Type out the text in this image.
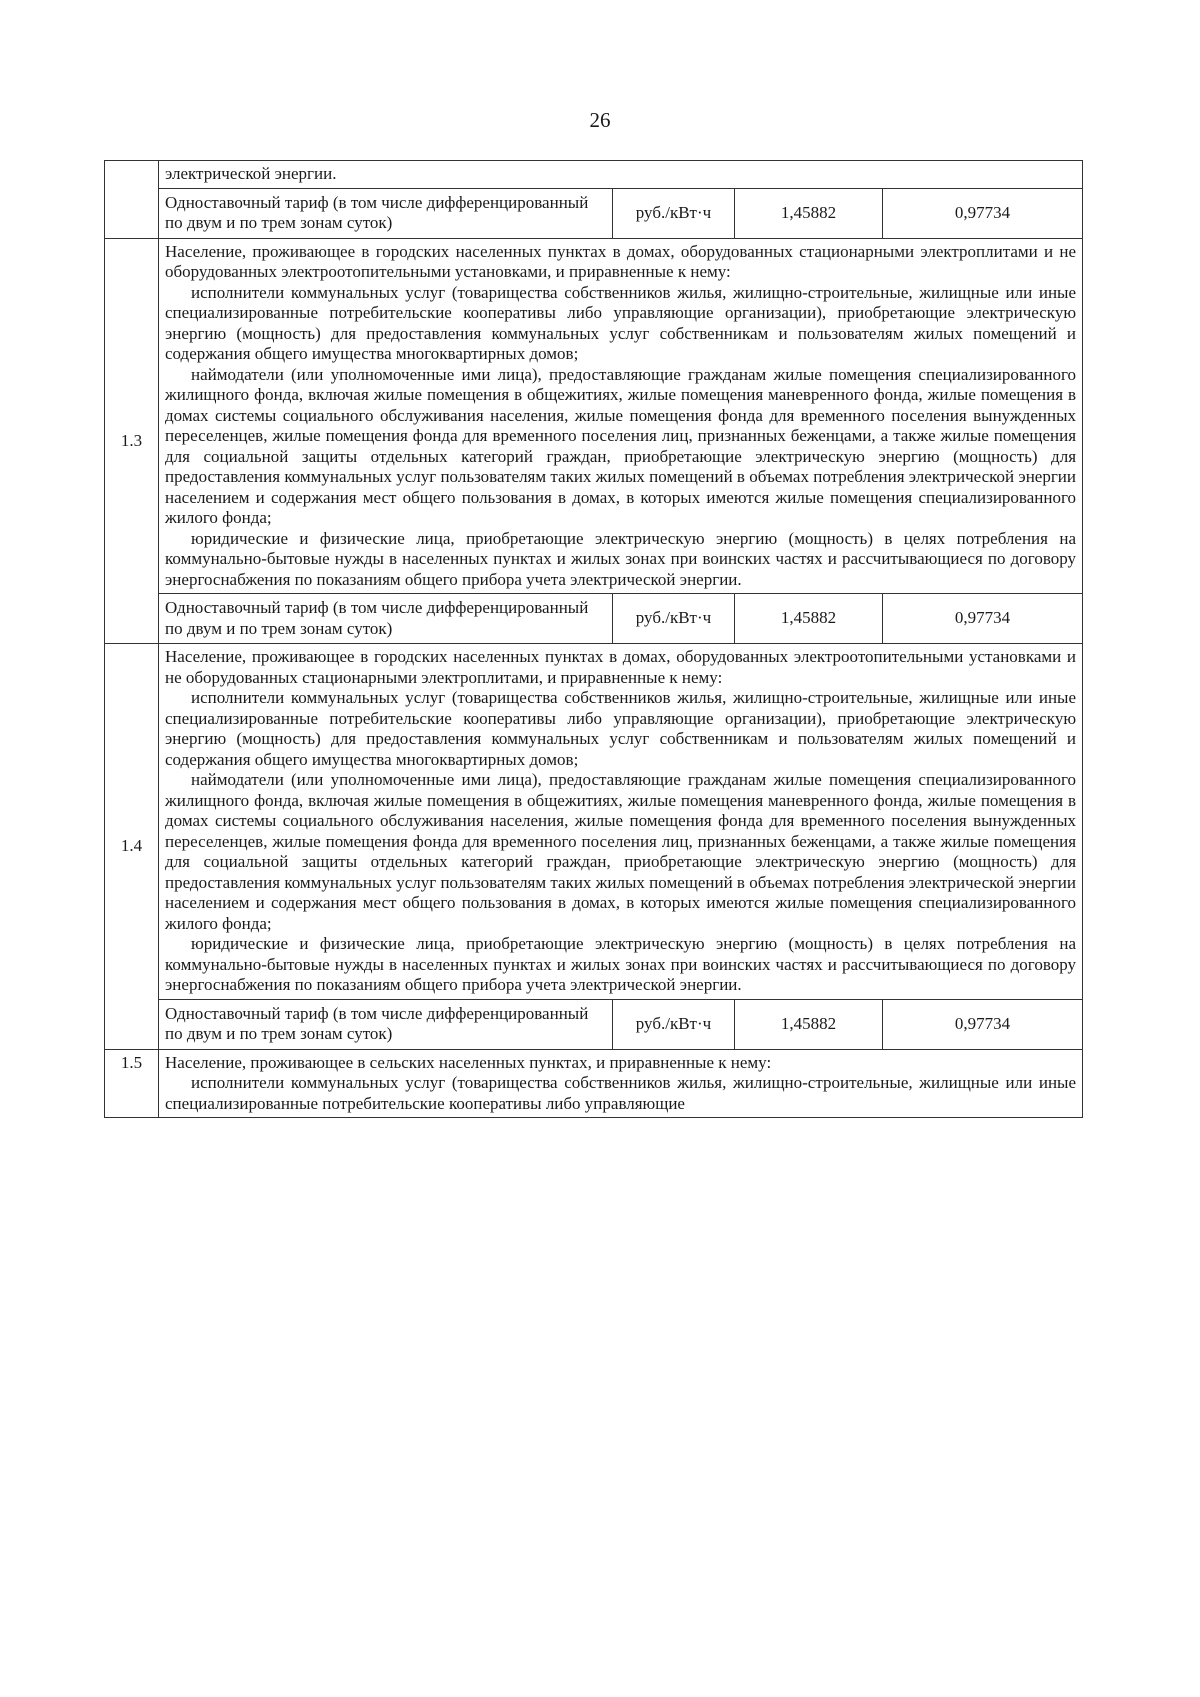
26

	электрической энергии.			

	Одноставочный тариф (в том числе дифференцированный по двум и по трем зонам суток)	руб./кВт·ч	1,45882	0,97734
1.3	Население, проживающее в городских населенных пунктах в домах, оборудованных стационарными электроплитами и не оборудованных электроотопительными установками, и приравненные к нему:

исполнители коммунальных услуг (товарищества собственников жилья, жилищно-строительные, жилищные или иные специализированные потребительские кооперативы либо управляющие организации), приобретающие электрическую энергию (мощность) для предоставления коммунальных услуг собственникам и пользователям жилых помещений и содержания общего имущества многоквартирных домов;

наймодатели (или уполномоченные ими лица), предоставляющие гражданам жилые помещения специализированного жилищного фонда, включая жилые помещения в общежитиях, жилые помещения маневренного фонда, жилые помещения в домах системы социального обслуживания населения, жилые помещения фонда для временного поселения вынужденных переселенцев, жилые помещения фонда для временного поселения лиц, признанных беженцами, а также жилые помещения для социальной защиты отдельных категорий граждан, приобретающие электрическую энергию (мощность) для предоставления коммунальных услуг пользователям таких жилых помещений в объемах потребления электрической энергии населением и содержания мест общего пользования в домах, в которых имеются жилые помещения специализированного жилого фонда;

юридические и физические лица, приобретающие электрическую энергию (мощность) в целях потребления на коммунально-бытовые нужды в населенных пунктах и жилых зонах при воинских частях и рассчитывающиеся по договору энергоснабжения по показаниям общего прибора учета электрической энергии.			

	Одноставочный тариф (в том числе дифференцированный по двум и по трем зонам суток)	руб./кВт·ч	1,45882	0,97734
1.4	Население, проживающее в городских населенных пунктах в домах, оборудованных электроотопительными установками и не оборудованных стационарными электроплитами, и приравненные к нему:

исполнители коммунальных услуг (товарищества собственников жилья, жилищно-строительные, жилищные или иные специализированные потребительские кооперативы либо управляющие организации), приобретающие электрическую энергию (мощность) для предоставления коммунальных услуг собственникам и пользователям жилых помещений и содержания общего имущества многоквартирных домов;

наймодатели (или уполномоченные ими лица), предоставляющие гражданам жилые помещения специализированного жилищного фонда, включая жилые помещения в общежитиях, жилые помещения маневренного фонда, жилые помещения в домах системы социального обслуживания населения, жилые помещения фонда для временного поселения вынужденных переселенцев, жилые помещения фонда для временного поселения лиц, признанных беженцами, а также жилые помещения для социальной защиты отдельных категорий граждан, приобретающие электрическую энергию (мощность) для предоставления коммунальных услуг пользователям таких жилых помещений в объемах потребления электрической энергии населением и содержания мест общего пользования в домах, в которых имеются жилые помещения специализированного жилого фонда;

юридические и физические лица, приобретающие электрическую энергию (мощность) в целях потребления на коммунально-бытовые нужды в населенных пунктах и жилых зонах при воинских частях и рассчитывающиеся по договору энергоснабжения по показаниям общего прибора учета электрической энергии.			

	Одноставочный тариф (в том числе дифференцированный по двум и по трем зонам суток)	руб./кВт·ч	1,45882	0,97734
1.5	Население, проживающее в сельских населенных пунктах, и приравненные к нему:

исполнители коммунальных услуг (товарищества собственников жилья, жилищно-строительные, жилищные или иные специализированные потребительские кооперативы либо управляющие			
